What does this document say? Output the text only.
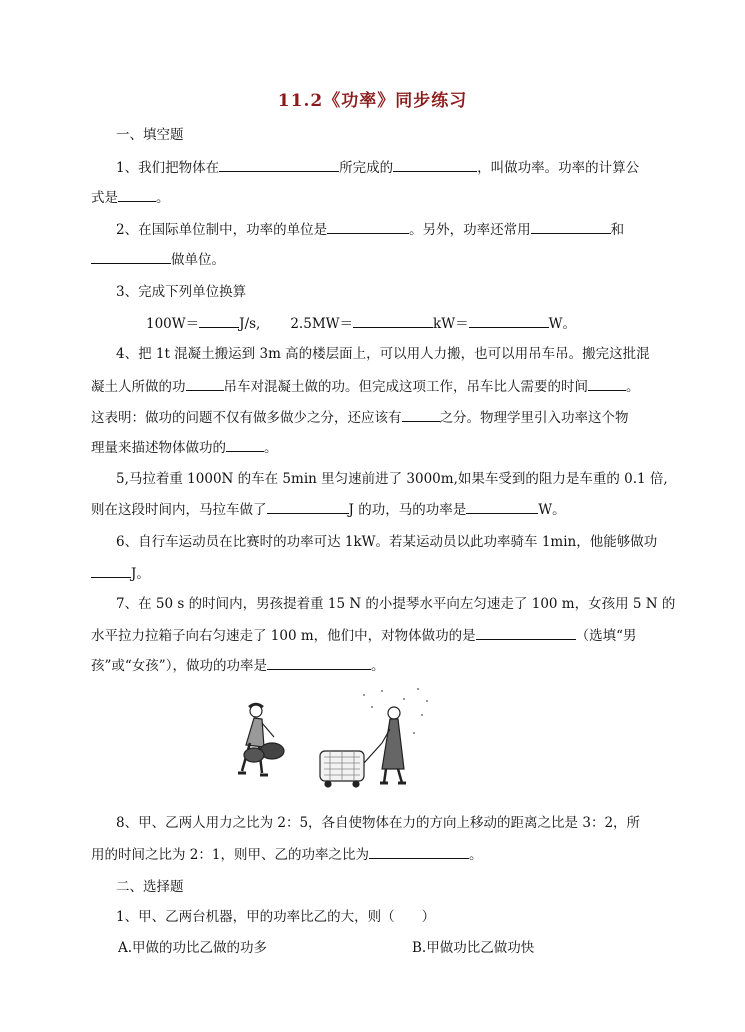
11.2《功率》同步练习
一、填空题
1、我们把物体在	所完成的	，叫做功率。功率的计算公
式是	。
2、在国际单位制中，功率的单位是	。另外，功率还常用	和
做单位。
3、完成下列单位换算
100W＝	J/s, 2.5MW＝	kW＝	W。
4、把 1t 混凝土搬运到 3m 高的楼层面上，可以用人力搬，也可以用吊车吊。搬完这批混
凝土人所做的功	吊车对混凝土做的功。但完成这项工作，吊车比人需要的时间	。
这表明：做功的问题不仅有做多做少之分，还应该有	之分。物理学里引入功率这个物
理量来描述物体做功的	。
5,马拉着重 1000N 的车在 5min 里匀速前进了 3000m,如果车受到的阻力是车重的 0.1 倍,
则在这段时间内，马拉车做了	J 的功，马的功率是	W。
6、自行车运动员在比赛时的功率可达 1kW。若某运动员以此功率骑车 1min，他能够做功
J。
7、在 50 s 的时间内，男孩提着重 15 N 的小提琴水平向左匀速走了 100 m，女孩用 5 N 的
水平拉力拉箱子向右匀速走了 100 m，他们中，对物体做功的是	（选填“男
孩”或“女孩”），做功的功率是	。
8、甲、乙两人用力之比为 2：5，各自使物体在力的方向上移动的距离之比是 3：2，所
用的时间之比为 2：1，则甲、乙的功率之比为	。
二、选择题
1、甲、乙两台机器，甲的功率比乙的大，则（　　）
A.甲做的功比乙做的功多	B.甲做功比乙做功快
